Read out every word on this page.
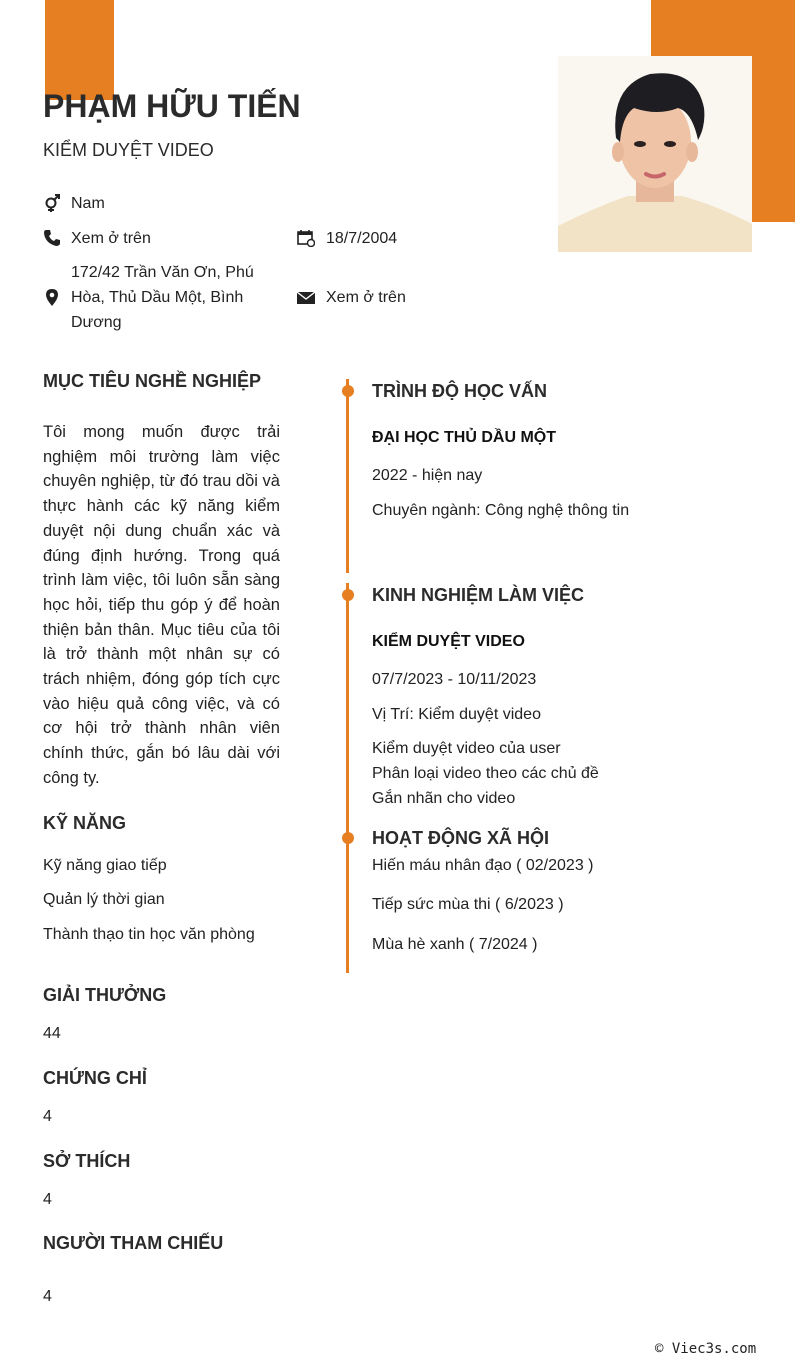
PHẠM HỮU TIẾN
KIỂM DUYỆT VIDEO
Nam
Xem ở trên	18/7/2004
172/42 Trần Văn Ơn, Phú Hòa, Thủ Dầu Một, Bình Dương
Xem ở trên
MỤC TIÊU NGHỀ NGHIỆP
Tôi mong muốn được trải nghiệm môi trường làm việc chuyên nghiệp, từ đó trau dồi và thực hành các kỹ năng kiểm duyệt nội dung chuẩn xác và đúng định hướng. Trong quá trình làm việc, tôi luôn sẵn sàng học hỏi, tiếp thu góp ý để hoàn thiện bản thân. Mục tiêu của tôi là trở thành một nhân sự có trách nhiệm, đóng góp tích cực vào hiệu quả công việc, và có cơ hội trở thành nhân viên chính thức, gắn bó lâu dài với công ty.
KỸ NĂNG
Kỹ năng giao tiếp
Quản lý thời gian
Thành thạo tin học văn phòng
GIẢI THƯỞNG
44
CHỨNG CHỈ
4
SỞ THÍCH
4
NGƯỜI THAM CHIẾU
4
TRÌNH ĐỘ HỌC VẤN
ĐẠI HỌC THỦ DẦU MỘT
2022 - hiện nay
Chuyên ngành: Công nghệ thông tin
KINH NGHIỆM LÀM VIỆC
KIỂM DUYỆT VIDEO
07/7/2023 - 10/11/2023
Vị Trí: Kiểm duyệt video
Kiểm duyệt video của user
Phân loại video theo các chủ đề
Gắn nhãn cho video
HOẠT ĐỘNG XÃ HỘI
Hiến máu nhân đạo ( 02/2023 )
Tiếp sức mùa thi ( 6/2023 )
Mùa hè xanh ( 7/2024 )
© Viec3s.com
